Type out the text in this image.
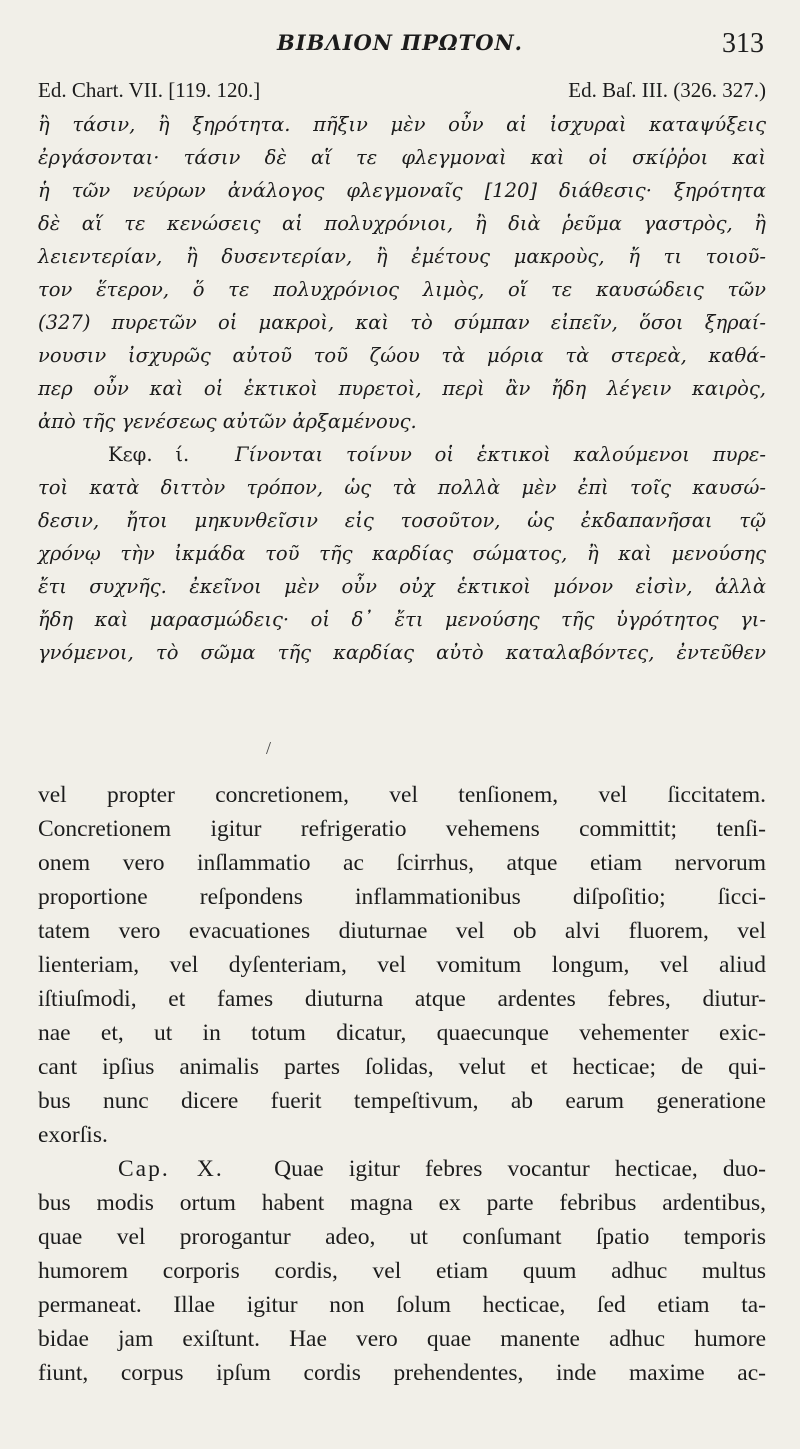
ΒΙΒΛΙΟΝ ΠΡΩΤΟΝ.	313
Ed. Chart. VII. [119. 120.]	Ed. Baſ. III. (326. 327.)
ἢ τάσιν, ἢ ξηρότητα. πῆξιν μὲν οὖν αἱ ἰσχυραὶ καταψύξεις
ἐργάσονται· τάσιν δὲ αἵ τε φλεγμοναὶ καὶ οἱ σκίῤῥοι καὶ
ἡ τῶν νεύρων ἀνάλογος φλεγμοναῖς [120] διάθεσις· ξηρότητα
δὲ αἵ τε κενώσεις αἱ πολυχρόνιοι, ἢ διὰ ῥεῦμα γαστρὸς, ἢ
λειεντερίαν, ἢ δυσεντερίαν, ἢ ἐμέτους μακροὺς, ἤ τι τοιοῦ-
τον ἕτερον, ὅ τε πολυχρόνιος λιμὸς, οἵ τε καυσώδεις τῶν
(327) πυρετῶν οἱ μακροὶ, καὶ τὸ σύμπαν εἰπεῖν, ὅσοι ξηραί-
νουσιν ἰσχυρῶς αὐτοῦ τοῦ ζώου τὰ μόρια τὰ στερεὰ, καθά-
περ οὖν καὶ οἱ ἑκτικοὶ πυρετοὶ, περὶ ἂν ἤδη λέγειν καιρὸς,
ἀπὸ τῆς γενέσεως αὐτῶν ἀρξαμένους.
Κεφ. ί. Γίνονται τοίνυν οἱ ἑκτικοὶ καλούμενοι πυρε-
τοὶ κατὰ διττὸν τρόπον, ὡς τὰ πολλὰ μὲν ἐπὶ τοῖς καυσώ-
δεσιν, ἤτοι μηκυνθεῖσιν εἰς τοσοῦτον, ὡς ἐκδαπανῆσαι τῷ
χρόνῳ τὴν ἰκμάδα τοῦ τῆς καρδίας σώματος, ἢ καὶ μενούσης
ἔτι συχνῆς. ἐκεῖνοι μὲν οὖν οὐχ ἑκτικοὶ μόνον εἰσὶν, ἀλλὰ
ἤδη καὶ μαρασμώδεις· οἱ δ᾽ ἔτι μενούσης τῆς ὑγρότητος γι-
γνόμενοι, τὸ σῶμα τῆς καρδίας αὐτὸ καταλαβόντες, ἐντεῦθεν
/
vel propter concretionem, vel tenſionem, vel ſiccitatem.
Concretionem igitur refrigeratio vehemens committit; tenſi-
onem vero inſlammatio ac ſcirrhus, atque etiam nervorum
proportione reſpondens inflammationibus diſpoſitio; ſicci-
tatem vero evacuationes diuturnae vel ob alvi fluorem, vel
lienteriam, vel dyſenteriam, vel vomitum longum, vel aliud
iſtiuſmodi, et fames diuturna atque ardentes febres, diutur-
nae et, ut in totum dicatur, quaecunque vehementer exic-
cant ipſius animalis partes ſolidas, velut et hecticae; de qui-
bus nunc dicere fuerit tempeſtivum, ab earum generatione
exorſis.
Cap. X. Quae igitur febres vocantur hecticae, duo-
bus modis ortum habent magna ex parte febribus ardentibus,
quae vel prorogantur adeo, ut conſumant ſpatio temporis
humorem corporis cordis, vel etiam quum adhuc multus
permaneat. Illae igitur non ſolum hecticae, ſed etiam ta-
bidae jam exiſtunt. Hae vero quae manente adhuc humore
fiunt, corpus ipſum cordis prehendentes, inde maxime ac-
